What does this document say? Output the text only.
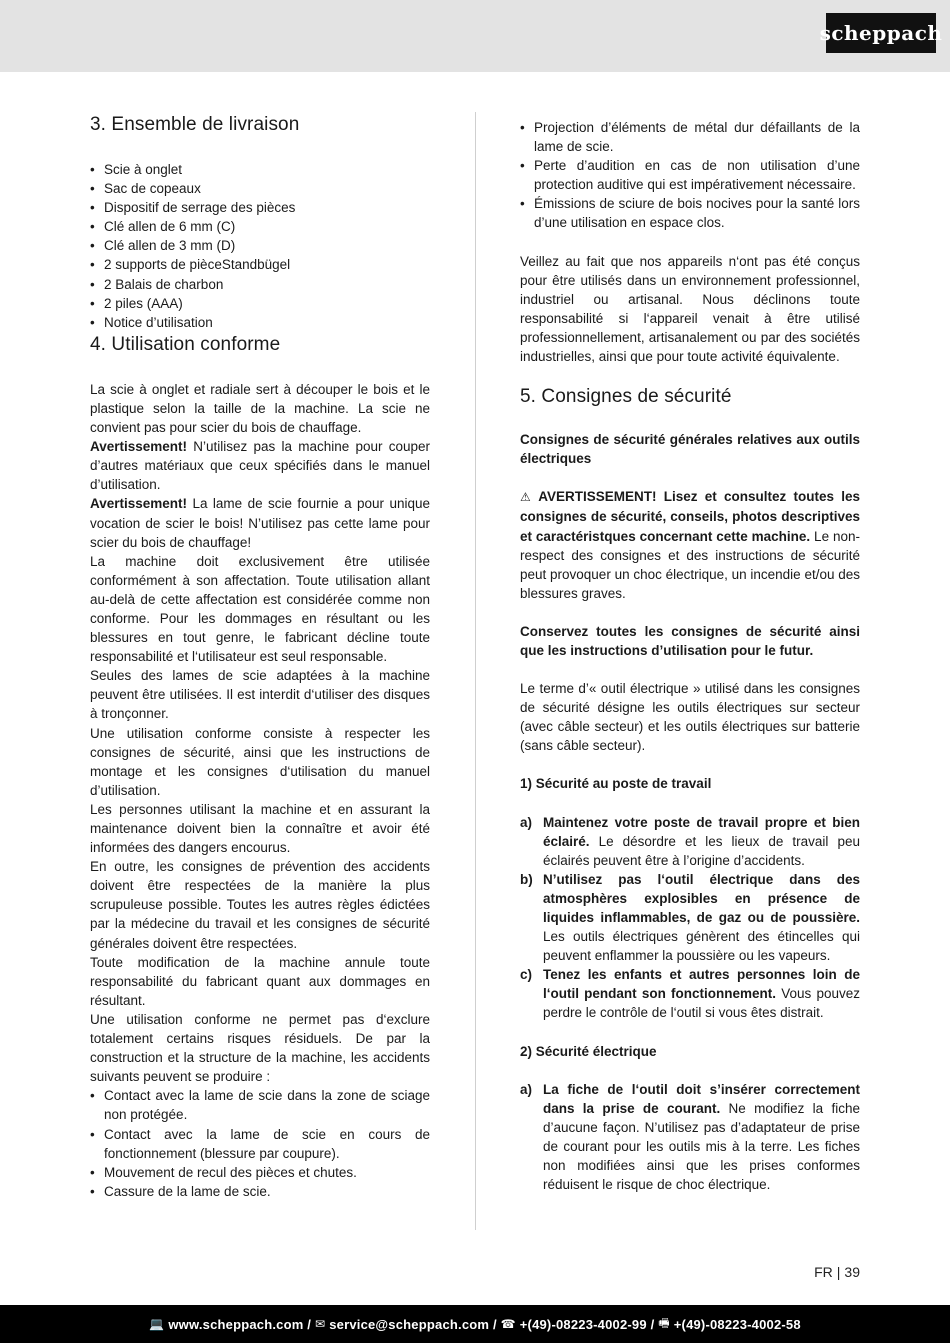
scheppach
3. Ensemble de livraison
• Scie à onglet
• Sac de copeaux
• Dispositif de serrage des pièces
• Clé allen de 6 mm (C)
• Clé allen de 3 mm (D)
• 2 supports de pièceStandbügel
• 2 Balais de charbon
• 2 piles (AAA)
• Notice d’utilisation
4. Utilisation conforme

La scie à onglet et radiale sert à découper le bois et le plastique selon la taille de la machine. La scie ne convient pas pour scier du bois de chauffage.

Avertissement! N’utilisez pas la machine pour couper d’autres matériaux que ceux spécifiés dans le manuel d’utilisation.

Avertissement! La lame de scie fournie a pour unique vocation de scier le bois! N’utilisez pas cette lame pour scier du bois de chauffage!

La machine doit exclusivement être utilisée conformément à son affectation. Toute utilisation allant au-delà de cette affectation est considérée comme non conforme. Pour les dommages en résultant ou les blessures en tout genre, le fabricant décline toute responsabilité et l‘utilisateur est seul responsable.

Seules des lames de scie adaptées à la machine peuvent être utilisées. Il est interdit d‘utiliser des disques à tronçonner.

Une utilisation conforme consiste à respecter les consignes de sécurité, ainsi que les instructions de montage et les consignes d‘utilisation du manuel d’utilisation.

Les personnes utilisant la machine et en assurant la maintenance doivent bien la connaître et avoir été informées des dangers encourus.

En outre, les consignes de prévention des accidents doivent être respectées de la manière la plus scrupuleuse possible. Toutes les autres règles édictées par la médecine du travail et les consignes de sécurité générales doivent être respectées.

Toute modification de la machine annule toute responsabilité du fabricant quant aux dommages en résultant.

Une utilisation conforme ne permet pas d‘exclure totalement certains risques résiduels. De par la construction et la structure de la machine, les accidents suivants peuvent se produire :

• Contact avec la lame de scie dans la zone de sciage non protégée.
• Contact avec la lame de scie en cours de fonctionnement (blessure par coupure).
• Mouvement de recul des pièces et chutes.
• Cassure de la lame de scie.
• Projection d’éléments de métal dur défaillants de la lame de scie.
• Perte d’audition en cas de non utilisation d’une protection auditive qui est impérativement nécessaire.
• Émissions de sciure de bois nocives pour la santé lors d’une utilisation en espace clos.

Veillez au fait que nos appareils n‘ont pas été conçus pour être utilisés dans un environnement professionnel, industriel ou artisanal. Nous déclinons toute responsabilité si l‘appareil venait à être utilisé professionnellement, artisanalement ou par des sociétés industrielles, ainsi que pour toute activité équivalente.

5. Consignes de sécurité

Consignes de sécurité générales relatives aux outils électriques

⚠ AVERTISSEMENT! Lisez et consultez toutes les consignes de sécurité, conseils, photos descriptives et caractéristques concernant cette machine. Le non-respect des consignes et des instructions de sécurité peut provoquer un choc électrique, un incendie et/ou des blessures graves.

Conservez toutes les consignes de sécurité ainsi que les instructions d’utilisation pour le futur.

Le terme d’« outil électrique » utilisé dans les consignes de sécurité désigne les outils électriques sur secteur (avec câble secteur) et les outils électriques sur batterie (sans câble secteur).

1) Sécurité au poste de travail

a) Maintenez votre poste de travail propre et bien éclairé. Le désordre et les lieux de travail peu éclairés peuvent être à l’origine d’accidents.
b) N’utilisez pas l‘outil électrique dans des atmosphères explosibles en présence de liquides inflammables, de gaz ou de poussière. Les outils électriques génèrent des étincelles qui peuvent enflammer la poussière ou les vapeurs.
c) Tenez les enfants et autres personnes loin de l‘outil pendant son fonctionnement. Vous pouvez perdre le contrôle de l‘outil si vous êtes distrait.

2) Sécurité électrique

a) La fiche de l‘outil doit s’insérer correctement dans la prise de courant. Ne modifiez la fiche d’aucune façon. N’utilisez pas d’adaptateur de prise de courant pour les outils mis à la terre. Les fiches non modifiées ainsi que les prises conformes réduisent le risque de choc électrique.
FR | 39
💻 www.scheppach.com /
✉ service@scheppach.com /
☎ +(49)-08223-4002-99 /
🖷 +(49)-08223-4002-58
